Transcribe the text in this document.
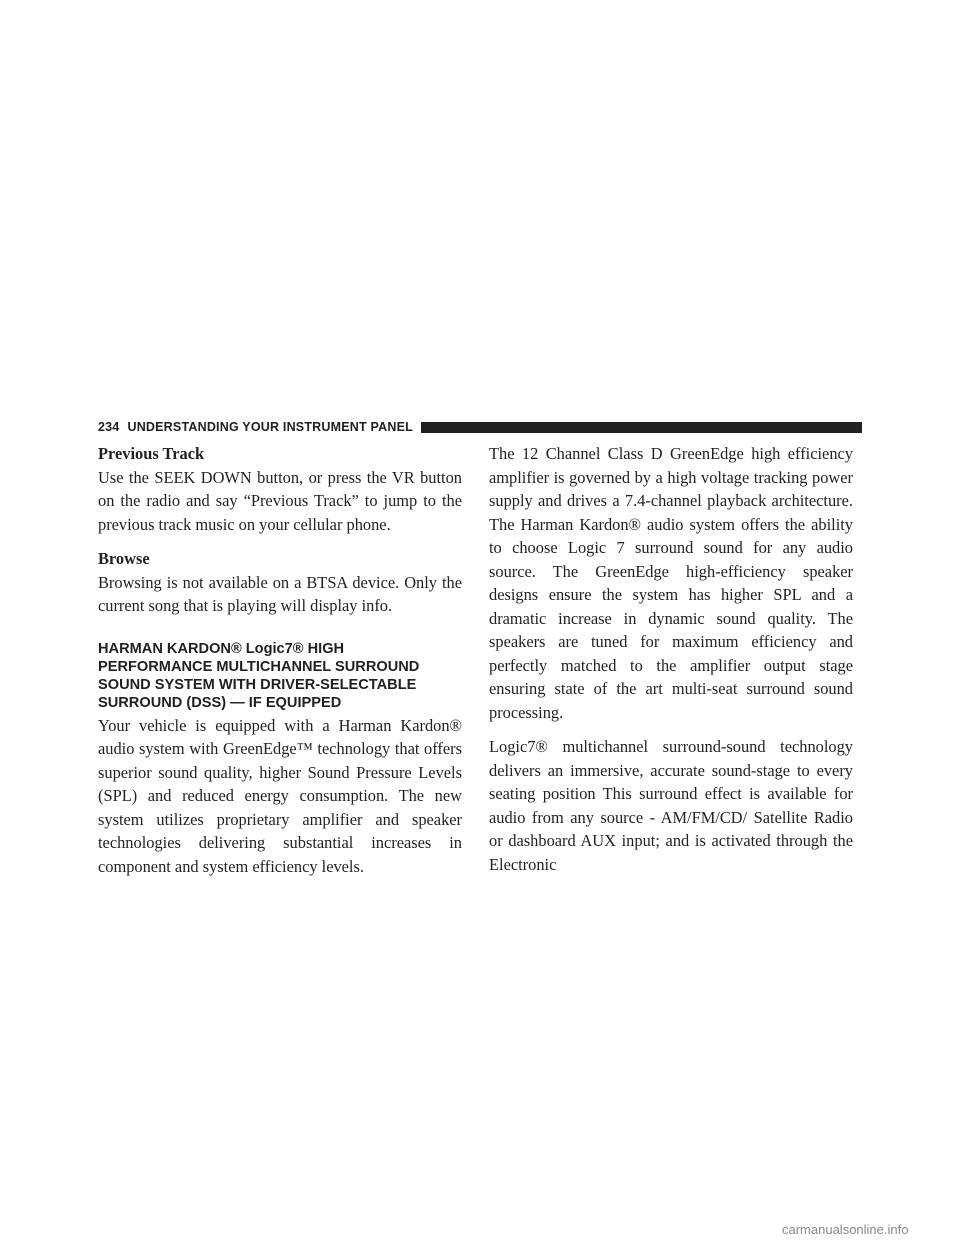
234 UNDERSTANDING YOUR INSTRUMENT PANEL
Previous Track

Use the SEEK DOWN button, or press the VR button on the radio and say “Previous Track” to jump to the previous track music on your cellular phone.

Browse

Browsing is not available on a BTSA device. Only the current song that is playing will display info.

HARMAN KARDON® Logic7® HIGH PERFORMANCE MULTICHANNEL SURROUND SOUND SYSTEM WITH DRIVER-SELECTABLE SURROUND (DSS) — IF EQUIPPED

Your vehicle is equipped with a Harman Kardon® audio system with GreenEdge™ technology that offers superior sound quality, higher Sound Pressure Levels (SPL) and reduced energy consumption. The new system utilizes proprietary amplifier and speaker technologies delivering substantial increases in component and system efficiency levels.

The 12 Channel Class D GreenEdge high efficiency amplifier is governed by a high voltage tracking power supply and drives a 7.4-channel playback architecture. The Harman Kardon® audio system offers the ability to choose Logic 7 surround sound for any audio source. The GreenEdge high-efficiency speaker designs ensure the system has higher SPL and a dramatic increase in dynamic sound quality. The speakers are tuned for maximum efficiency and perfectly matched to the amplifier output stage ensuring state of the art multi-seat surround sound processing.

Logic7® multichannel surround-sound technology delivers an immersive, accurate sound-stage to every seating position This surround effect is available for audio from any source - AM/FM/CD/ Satellite Radio or dashboard AUX input; and is activated through the Electronic

carmanualsonline.info
